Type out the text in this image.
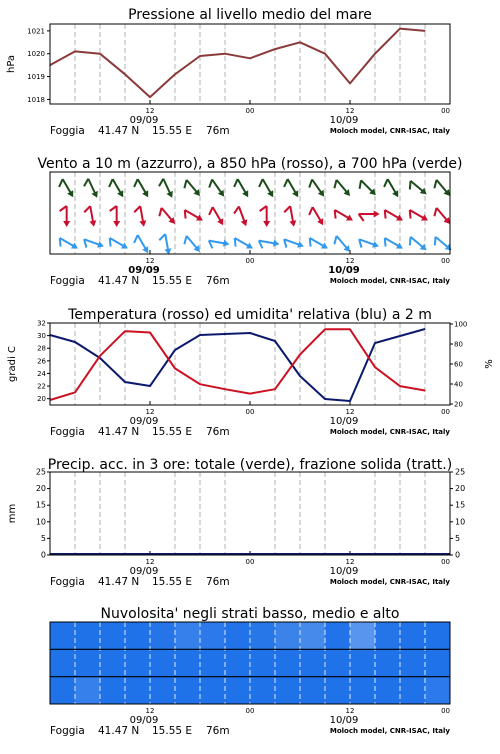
Pressione al livello medio del mare
1018
1019
1020
1021
hPa
12	00	12	00
09/09	10/09
Foggia 41.47 N 15.55 E 76m	Moloch model, CNR-ISAC, Italy
Vento a 10 m (azzurro), a 850 hPa (rosso), a 700 hPa (verde)
12	00	12	00
09/09	10/09
Foggia 41.47 N 15.55 E 76m	Moloch model, CNR-ISAC, Italy
Temperatura (rosso) ed umidita' relativa (blu) a 2 m
20
22
24
26
28
30
32
20
40
60
80
100
gradi C	%
12	00	12	00
09/09	10/09
Foggia 41.47 N 15.55 E 76m	Moloch model, CNR-ISAC, Italy
Precip. acc. in 3 ore: totale (verde), frazione solida (tratt.)
0	0
5	5
10	10
15	15
20	20
25	25
mm
12	00	12	00
09/09	10/09
Foggia 41.47 N 15.55 E 76m	Moloch model, CNR-ISAC, Italy
Nuvolosita' negli strati basso, medio e alto
12	00	12	00
09/09	10/09
Foggia 41.47 N 15.55 E 76m	Moloch model, CNR-ISAC, Italy
